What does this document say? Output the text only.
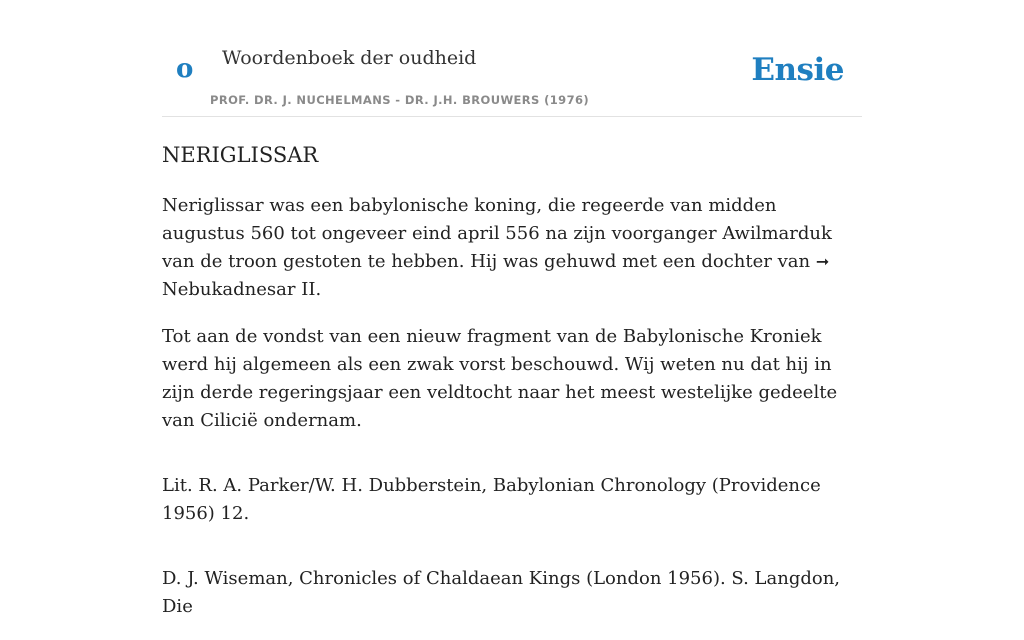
o Woordenboek der oudheid
PROF. DR. J. NUCHELMANS - DR. J.H. BROUWERS (1976)
Ensie
NERIGLISSAR

Neriglissar was een babylonische koning, die regeerde van midden augustus 560 tot ongeveer eind april 556 na zijn voorganger Awilmarduk van de troon gestoten te hebben. Hij was gehuwd met een dochter van ➞ Nebukadnesar II.

Tot aan de vondst van een nieuw fragment van de Babylonische Kroniek werd hij algemeen als een zwak vorst beschouwd. Wij weten nu dat hij in zijn derde regeringsjaar een veldtocht naar het meest westelijke gedeelte van Cilicië ondernam.

Lit. R. A. Parker/W. H. Dubberstein, Babylonian Chronology (Providence 1956) 12.

D. J. Wiseman, Chronicles of Chaldaean Kings (London 1956). S. Langdon, Die
